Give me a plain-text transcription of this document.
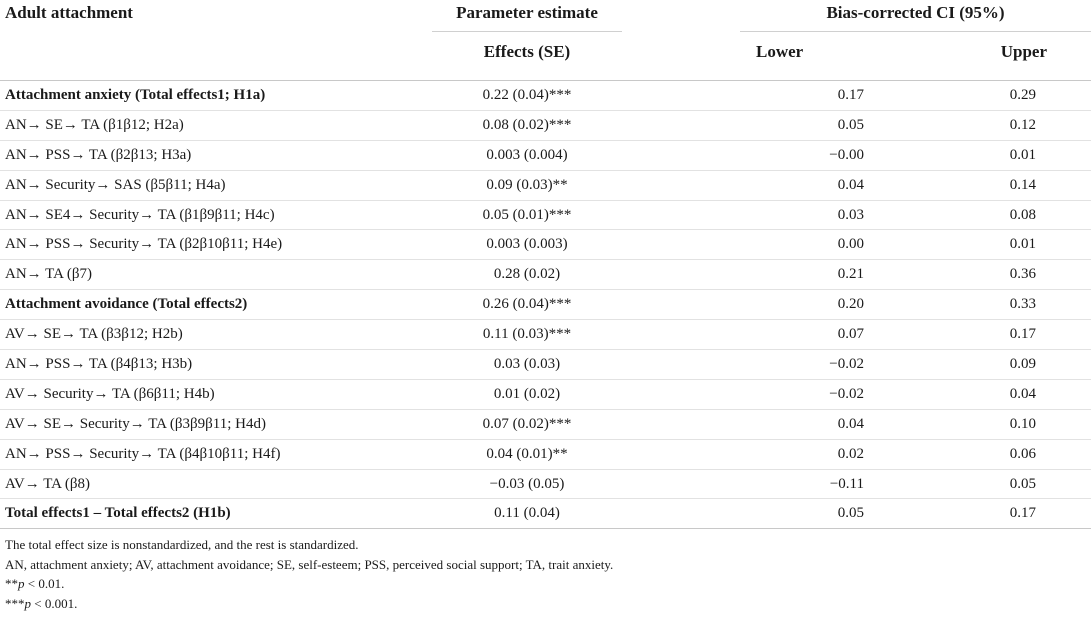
Adult attachment	Parameter estimate		Bias-corrected CI (95%)	
	Effects (SE)		Lower	Upper

Attachment anxiety (Total effects1; H1a)	0.22 (0.04)***		0.17	0.29
AN→ SE→ TA (β1β12; H2a)	0.08 (0.02)***		0.05	0.12
AN→ PSS→ TA (β2β13; H3a)	0.003 (0.004)		−0.00	0.01
AN→ Security→ SAS (β5β11; H4a)	0.09 (0.03)**		0.04	0.14
AN→ SE4→ Security→ TA (β1β9β11; H4c)	0.05 (0.01)***		0.03	0.08
AN→ PSS→ Security→ TA (β2β10β11; H4e)	0.003 (0.003)		0.00	0.01
AN→ TA (β7)	0.28 (0.02)		0.21	0.36
Attachment avoidance (Total effects2)	0.26 (0.04)***		0.20	0.33
AV→ SE→ TA (β3β12; H2b)	0.11 (0.03)***		0.07	0.17
AN→ PSS→ TA (β4β13; H3b)	0.03 (0.03)		−0.02	0.09
AV→ Security→ TA (β6β11; H4b)	0.01 (0.02)		−0.02	0.04
AV→ SE→ Security→ TA (β3β9β11; H4d)	0.07 (0.02)***		0.04	0.10
AN→ PSS→ Security→ TA (β4β10β11; H4f)	0.04 (0.01)**		0.02	0.06
AV→ TA (β8)	−0.03 (0.05)		−0.11	0.05
Total effects1 – Total effects2 (H1b)	0.11 (0.04)		0.05	0.17
The total effect size is nonstandardized, and the rest is standardized.
AN, attachment anxiety; AV, attachment avoidance; SE, self-esteem; PSS, perceived social support; TA, trait anxiety.
**p < 0.01.
***p < 0.001.
